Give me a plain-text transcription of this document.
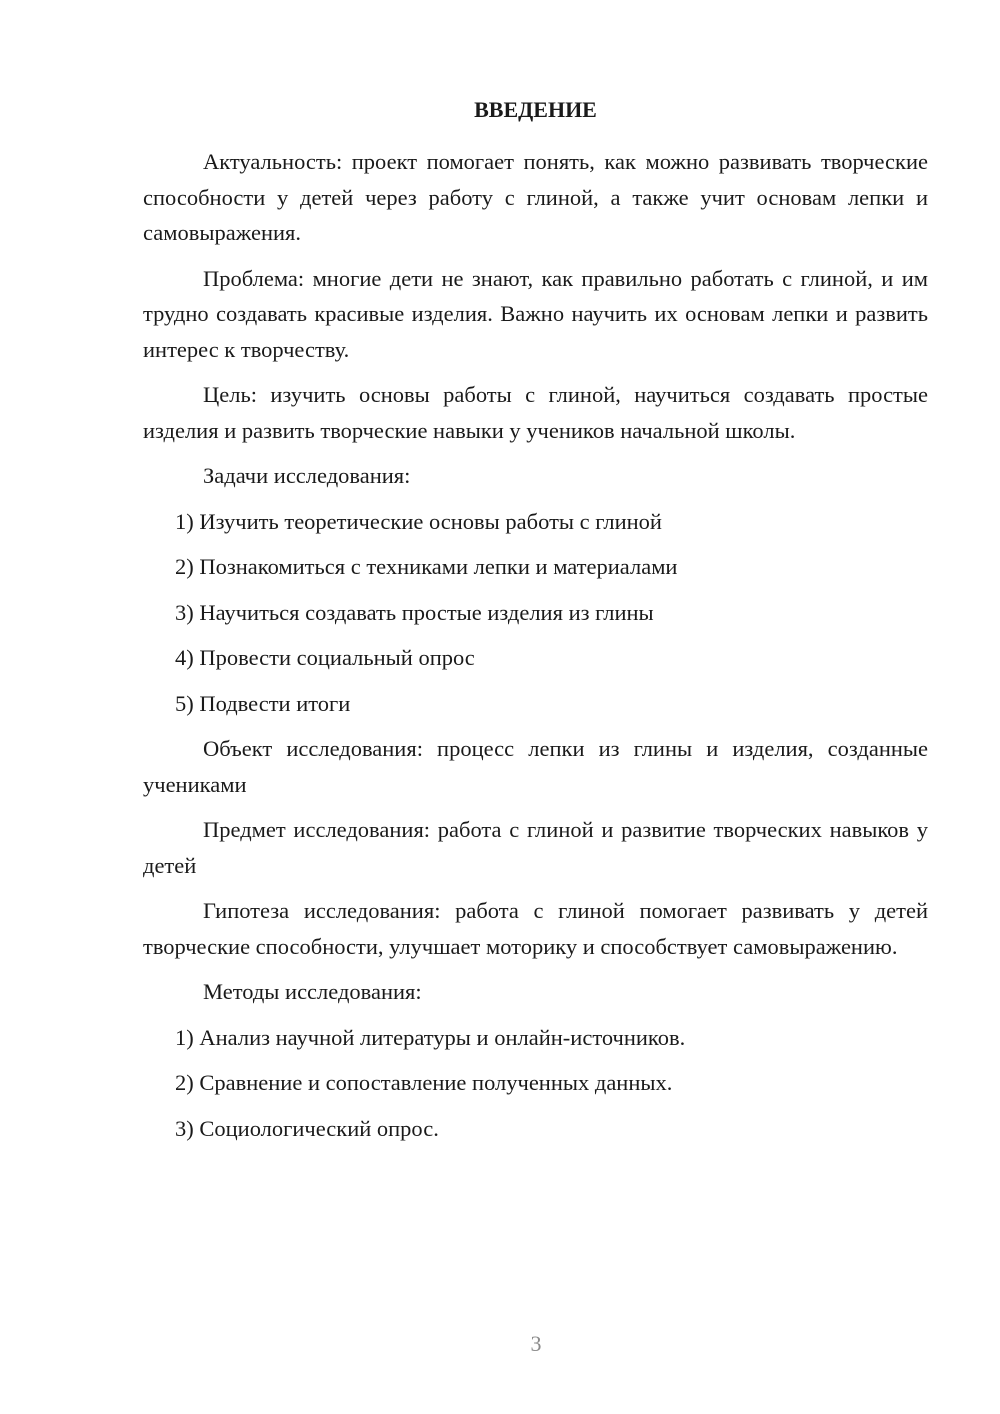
ВВЕДЕНИЕ

Актуальность: проект помогает понять, как можно развивать творческие способности у детей через работу с глиной, а также учит основам лепки и самовыражения.

Проблема: многие дети не знают, как правильно работать с глиной, и им трудно создавать красивые изделия. Важно научить их основам лепки и развить интерес к творчеству.

Цель: изучить основы работы с глиной, научиться создавать простые изделия и развить творческие навыки у учеников начальной школы.

Задачи исследования:

1) Изучить теоретические основы работы с глиной
2) Познакомиться с техниками лепки и материалами
3) Научиться создавать простые изделия из глины
4) Провести социальный опрос
5) Подвести итоги

Объект исследования: процесс лепки из глины и изделия, созданные учениками

Предмет исследования: работа с глиной и развитие творческих навыков у детей

Гипотеза исследования: работа с глиной помогает развивать у детей творческие способности, улучшает моторику и способствует самовыражению.

Методы исследования:

1) Анализ научной литературы и онлайн-источников.
2) Сравнение и сопоставление полученных данных.
3) Социологический опрос.
3
